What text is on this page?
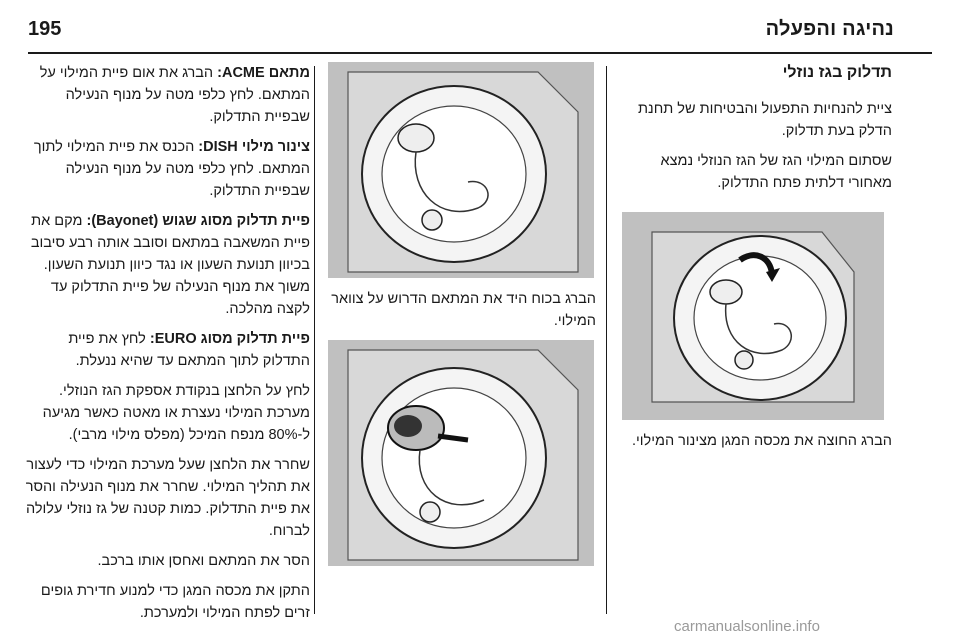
נהיגה והפעלה
195

תדלוק בגז נוזלי

ציית להנחיות התפעול והבטיחות של תחנת הדלק בעת תדלוק.

שסתום המילוי הגז של הגז הנוזלי נמצא מאחורי דלתית פתח התדלוק.

הברג החוצה את מכסה המגן מצינור המילוי.

הברג בכוח היד את המתאם הדרוש על צוואר המילוי.

מתאם ACME: הברג את אום פיית המילוי על המתאם. לחץ כלפי מטה על מנוף הנעילה שבפיית התדלוק.

צינור מילוי DISH: הכנס את פיית המילוי לתוך המתאם. לחץ כלפי מטה על מנוף הנעילה שבפיית התדלוק.

פיית תדלוק מסוג שגוש (Bayonet): מקם את פיית המשאבה במתאם וסובב אותה רבע סיבוב בכיוון תנועת השעון או נגד כיוון תנועת השעון. משוך את מנוף הנעילה של פיית התדלוק עד לקצה מהלכה.

פיית תדלוק מסוג EURO: לחץ את פיית התדלוק לתוך המתאם עד שהיא ננעלת.

לחץ על הלחצן בנקודת אספקת הגז הנוזלי. מערכת המילוי נעצרת או מאטה כאשר מגיעה ל-80% מנפח המיכל (מפלס מילוי מרבי).

שחרר את הלחצן שעל מערכת המילוי כדי לעצור את תהליך המילוי. שחרר את מנוף הנעילה והסר את פיית התדלוק. כמות קטנה של גז נוזלי עלולה לברוח.

הסר את המתאם ואחסן אותו ברכב.

התקן את מכסה המגן כדי למנוע חדירת גופים זרים לפתח המילוי ולמערכת.

carmanualsonline.info
